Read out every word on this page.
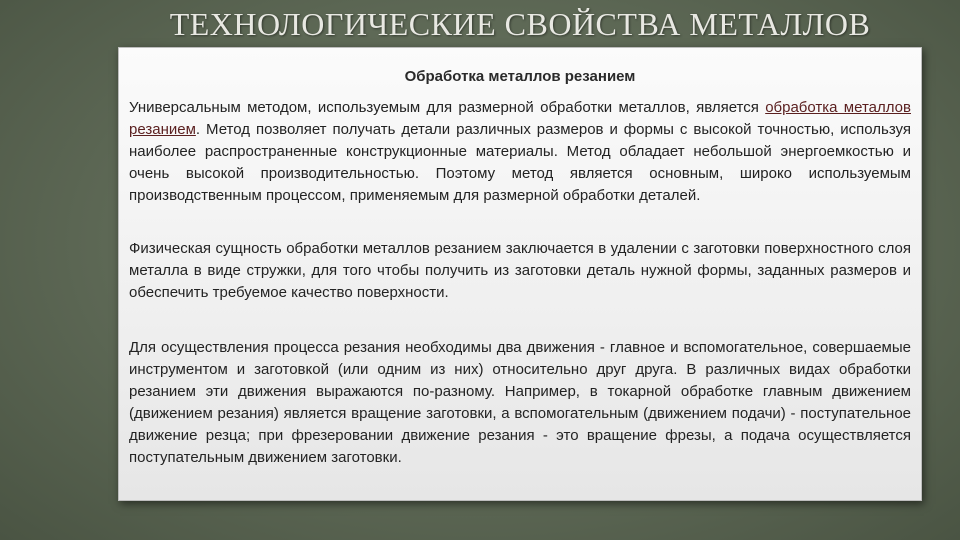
ТЕХНОЛОГИЧЕСКИЕ СВОЙСТВА МЕТАЛЛОВ
Обработка металлов резанием
Универсальным методом, используемым для размерной обработки металлов, является обработка металлов резанием. Метод позволяет получать детали различных размеров и формы с высокой точностью, используя наиболее распространенные конструкционные материалы. Метод обладает небольшой энергоемкостью и очень высокой производительностью. Поэтому метод является основным, широко используемым производственным процессом, применяемым для размерной обработки деталей.
Физическая сущность обработки металлов резанием заключается в удалении с заготовки поверхностного слоя металла в виде стружки, для того чтобы получить из заготовки деталь нужной формы, заданных размеров и обеспечить требуемое качество поверхности.
Для осуществления процесса резания необходимы два движения - главное и вспомогательное, совершаемые инструментом и заготовкой (или одним из них) относительно друг друга. В различных видах обработки резанием эти движения выражаются по-разному. Например, в токарной обработке главным движением (движением резания) является вращение заготовки, а вспомогательным (движением подачи) - поступательное движение резца; при фрезеровании движение резания - это вращение фрезы, а подача осуществляется поступательным движением заготовки.
